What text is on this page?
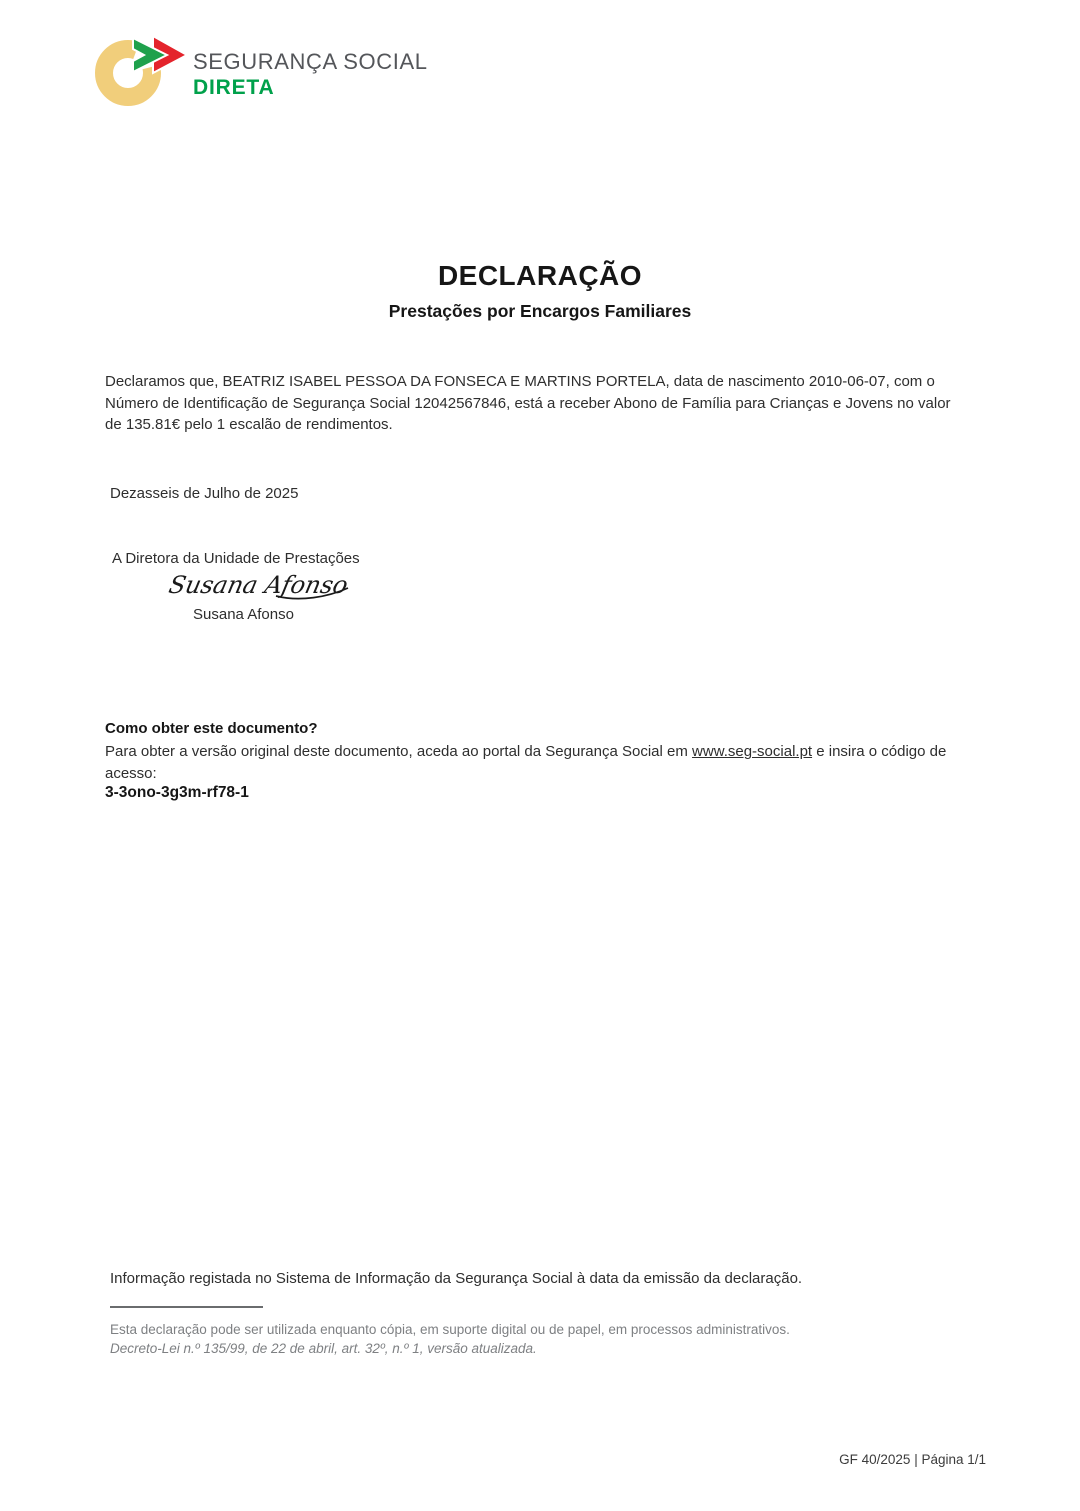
SEGURANÇA SOCIAL
DIRETA
DECLARAÇÃO
Prestações por Encargos Familiares

Declaramos que, BEATRIZ ISABEL PESSOA DA FONSECA E MARTINS PORTELA, data de nascimento 2010-06-07, com o Número de Identificação de Segurança Social 12042567846, está a receber Abono de Família para Crianças e Jovens no valor de 135.81€ pelo 1 escalão de rendimentos.

Dezasseis de Julho de 2025
A Diretora da Unidade de Prestações
Susana Afonso
Susana Afonso
Como obter este documento?

Para obter a versão original deste documento, aceda ao portal da Segurança Social em www.seg-social.pt e insira o código de acesso:

3-3ono-3g3m-rf78-1
Informação registada no Sistema de Informação da Segurança Social à data da emissão da declaração.
Esta declaração pode ser utilizada enquanto cópia, em suporte digital ou de papel, em processos administrativos.
Decreto-Lei n.º 135/99, de 22 de abril, art. 32º, n.º 1, versão atualizada.
GF 40/2025 | Página 1/1
